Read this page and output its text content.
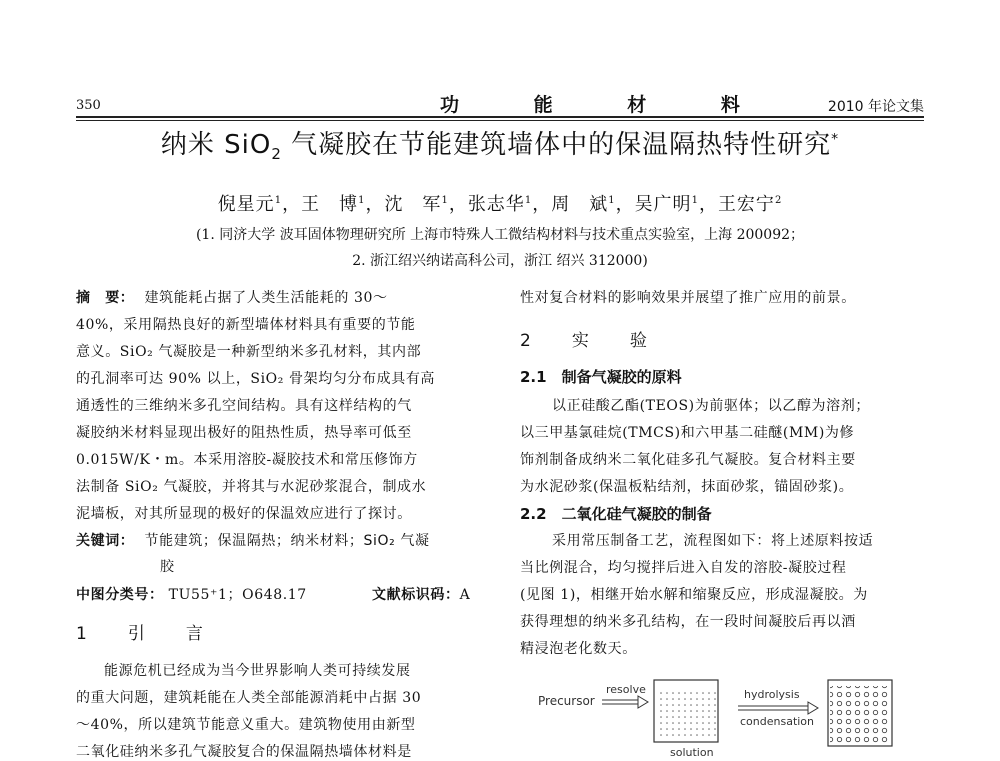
350	功 能 材 料	2010 年论文集
纳米 SiO$_2$ 气凝胶在节能建筑墙体中的保温隔热特性研究*
倪星元$^1$，王　博$^1$，沈　军$^1$，张志华$^1$，周　斌$^1$，吴广明$^1$，王宏宁$^2$
(1. 同济大学 波耳固体物理研究所 上海市特殊人工微结构材料与技术重点实验室，上海 200092；
2. 浙江绍兴纳诺高科公司，浙江 绍兴 312000)
摘　要： 建筑能耗占据了人类生活能耗的 30～
40%，采用隔热良好的新型墙体材料具有重要的节能
意义。SiO₂ 气凝胶是一种新型纳米多孔材料，其内部
的孔洞率可达 90% 以上，SiO₂ 骨架均匀分布成具有高
通透性的三维纳米多孔空间结构。具有这样结构的气
凝胶纳米材料显现出极好的阻热性质，热导率可低至
0.015W/K・m。本采用溶胶-凝胶技术和常压修饰方
法制备 SiO₂ 气凝胶，并将其与水泥砂浆混合，制成水
泥墙板，对其所显现的极好的保温效应进行了探讨。
关键词： 节能建筑；保温隔热；纳米材料；SiO₂ 气凝
胶
中图分类号： TU55⁺1；O648.17	文献标识码：A
1　引　言
能源危机已经成为当今世界影响人类可持续发展
的重大问题，建筑耗能在人类全部能源消耗中占据 30
～40%，所以建筑节能意义重大。建筑物使用由新型
二氧化硅纳米多孔气凝胶复合的保温隔热墙体材料是
性对复合材料的影响效果并展望了推广应用的前景。
2　实　验
2.1　制备气凝胶的原料
以正硅酸乙酯(TEOS)为前驱体；以乙醇为溶剂；
以三甲基氯硅烷(TMCS)和六甲基二硅醚(MM)为修
饰剂制备成纳米二氧化硅多孔气凝胶。复合材料主要
为水泥砂浆(保温板粘结剂，抹面砂浆，锚固砂浆)。
2.2　二氧化硅气凝胶的制备
采用常压制备工艺，流程图如下：将上述原料按适
当比例混合，均匀搅拌后进入自发的溶胶-凝胶过程
(见图 1)，相继开始水解和缩聚反应，形成湿凝胶。为
获得理想的纳米多孔结构，在一段时间凝胶后再以酒
精浸泡老化数天。
Precursor
resolve
solution
hydrolysis
condensation
